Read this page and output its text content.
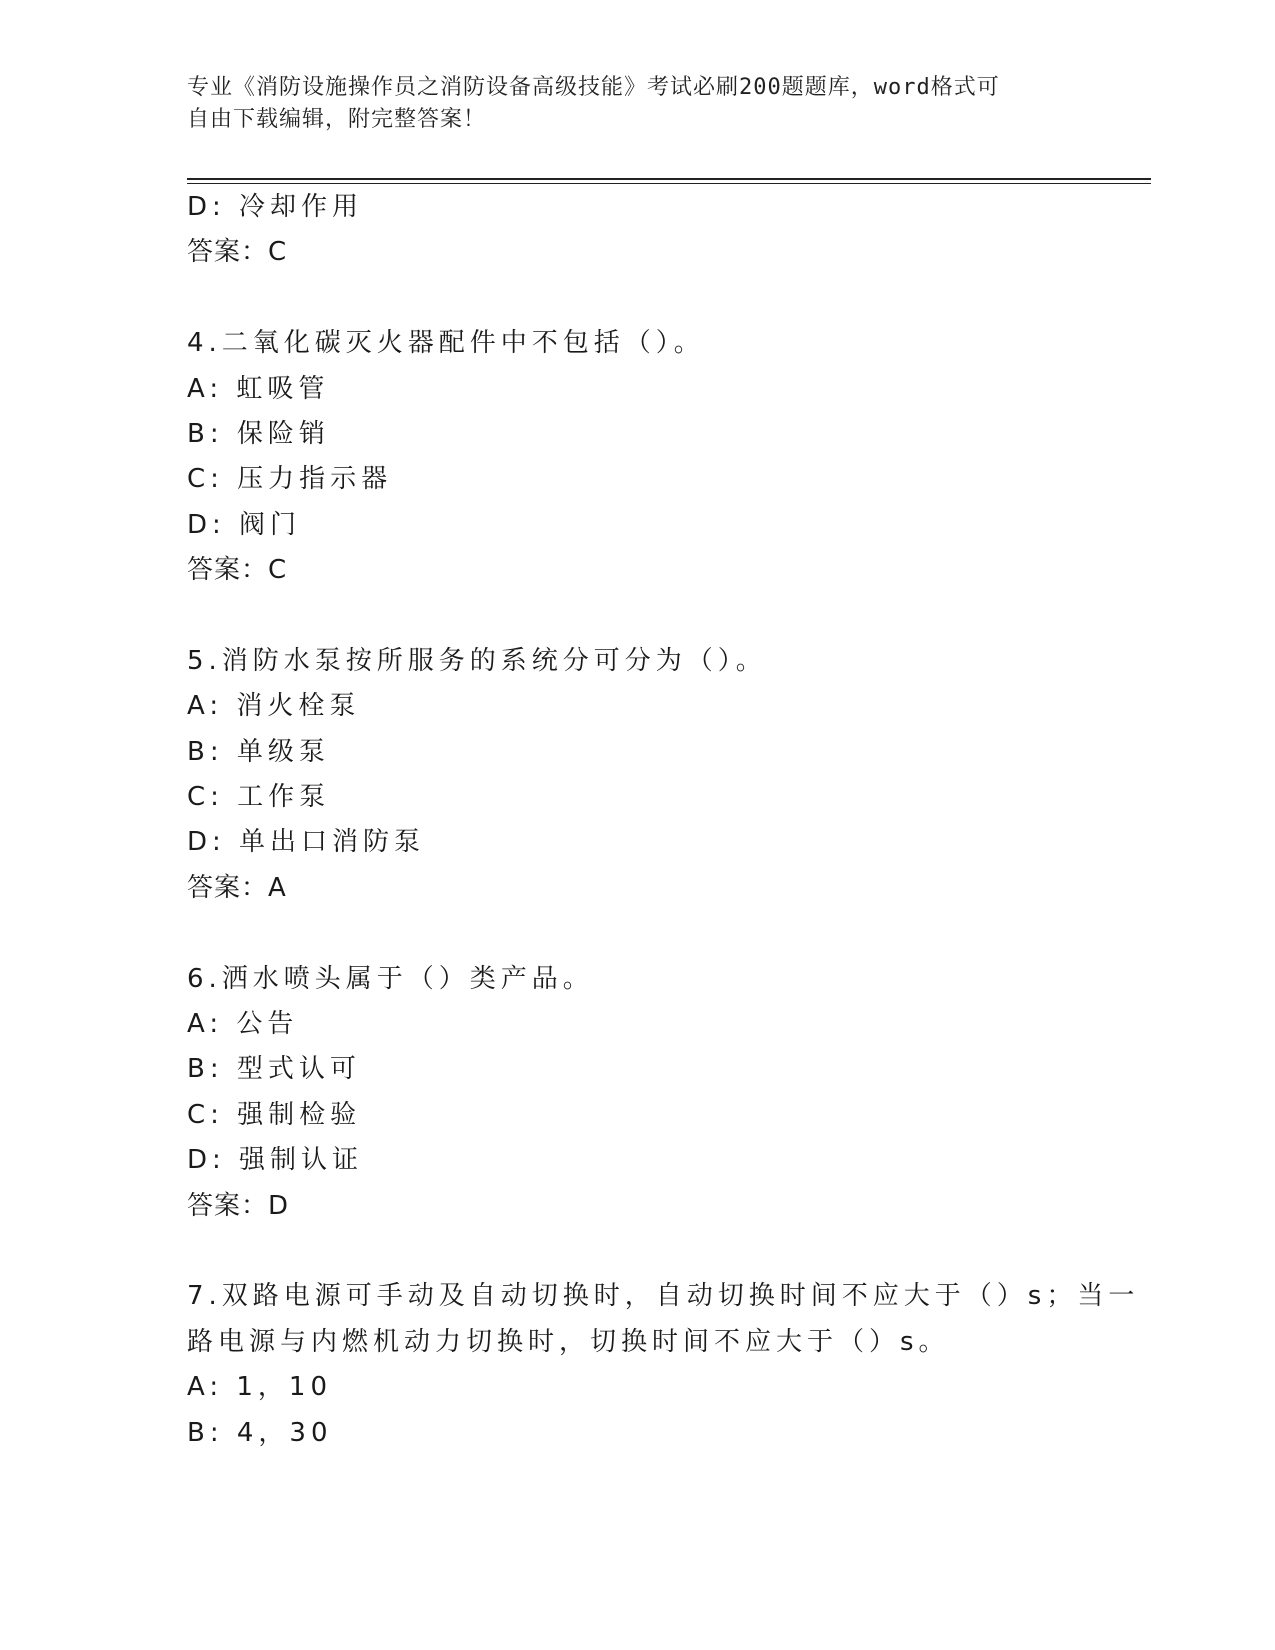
专业《消防设施操作员之消防设备高级技能》考试必刷200题题库，word格式可
自由下载编辑，附完整答案！
D: 冷却作用
答案：C
4.二氧化碳灭火器配件中不包括（）。
A: 虹吸管
B: 保险销
C: 压力指示器
D: 阀门
答案：C
5.消防水泵按所服务的系统分可分为（）。
A: 消火栓泵
B: 单级泵
C: 工作泵
D: 单出口消防泵
答案：A
6.洒水喷头属于（）类产品。
A: 公告
B: 型式认可
C: 强制检验
D: 强制认证
答案：D
7.双路电源可手动及自动切换时，自动切换时间不应大于（）s；当一
路电源与内燃机动力切换时，切换时间不应大于（）s。
A: 1，10
B: 4，30
